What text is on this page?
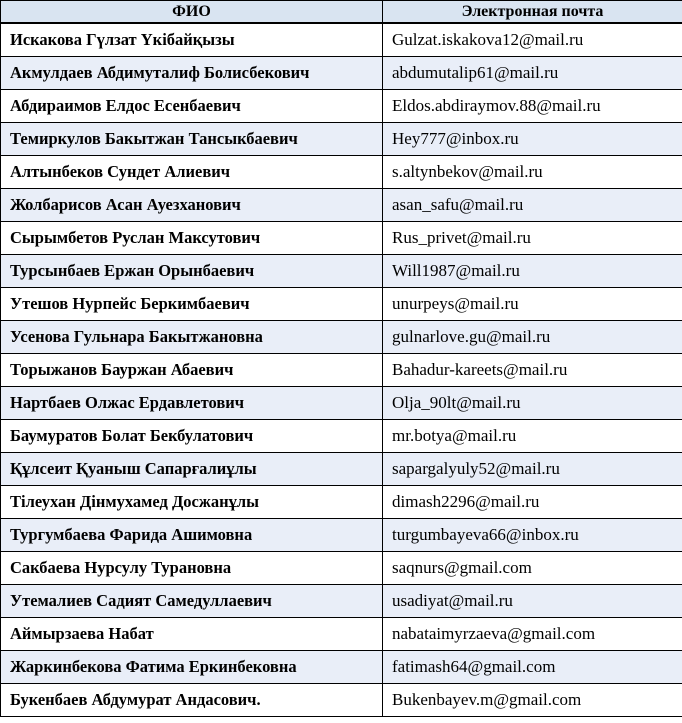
ФИО	Электронная почта
Искакова Гүлзат Үкібайқызы	Gulzat.iskakova12@mail.ru
Акмулдаев Абдимуталиф Болисбекович	abdumutalip61@mail.ru
Абдираимов Елдос Есенбаевич	Eldos.abdiraymov.88@mail.ru
Темиркулов Бакытжан Тансыкбаевич	Hey777@inbox.ru
Алтынбеков Сундет Алиевич	s.altynbekov@mail.ru
Жолбарисов Асан Ауезханович	asan_safu@mail.ru
Сырымбетов Руслан Максутович	Rus_privet@mail.ru
Турсынбаев Ержан Орынбаевич	Will1987@mail.ru
Утешов Нурпейс Беркимбаевич	unurpeys@mail.ru
Усенова Гульнара Бакытжановна	gulnarlove.gu@mail.ru
Торыжанов Бауржан Абаевич	Bahadur-kareets@mail.ru
Нартбаев Олжас Ердавлетович	Olja_90lt@mail.ru
Баумуратов Болат Бекбулатович	mr.botya@mail.ru
Құлсеит Қуаныш Сапарғалиұлы	sapargalyuly52@mail.ru
Тілеухан Дінмухамед Досжанұлы	dimash2296@mail.ru
Тургумбаева Фарида Ашимовна	turgumbayeva66@inbox.ru
Сакбаева Нурсулу Турановна	saqnurs@gmail.com
Утемалиев Садият Самедуллаевич	usadiyat@mail.ru
Аймырзаева Набат	nabataimyrzaeva@gmail.com
Жаркинбекова Фатима Еркинбековна	fatimash64@gmail.com
Букенбаев Абдумурат Андасович.	Bukenbayev.m@gmail.com
